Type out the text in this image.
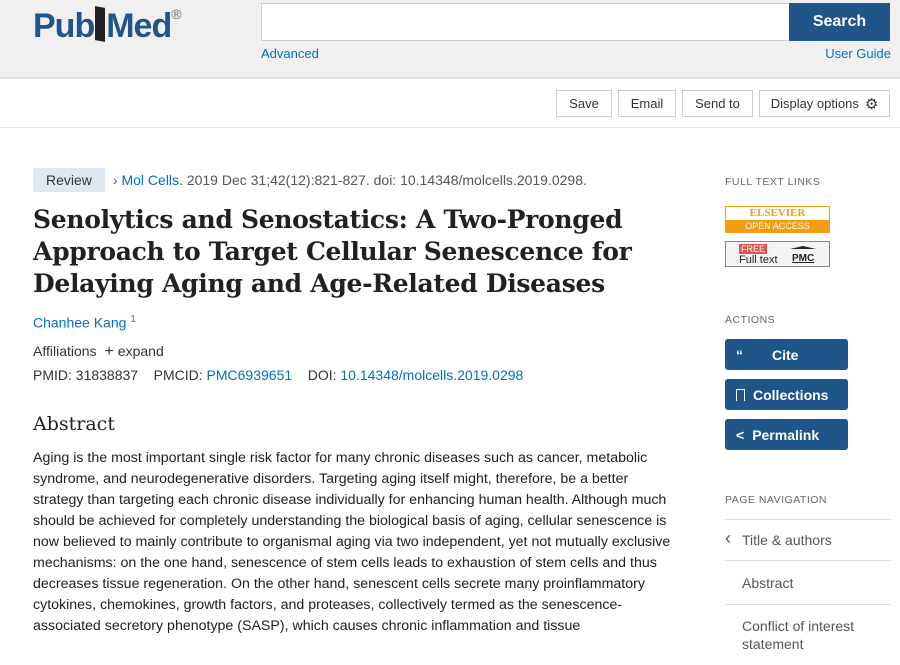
Pub Med®	Search
Advanced	User Guide
Save	Email	Send to	Display options ⚙
Review › Mol Cells. 2019 Dec 31;42(12):821-827. doi: 10.14348/molcells.2019.0298.
Senolytics and Senostatics: A Two-Pronged Approach to Target Cellular Senescence for Delaying Aging and Age-Related Diseases
Chanhee Kang $^1$
Affiliations + expand
PMID: 31838837 PMCID: PMC6939651 DOI: 10.14348/molcells.2019.0298
Abstract

Aging is the most important single risk factor for many chronic diseases such as cancer, metabolic syndrome, and neurodegenerative disorders. Targeting aging itself might, therefore, be a better strategy than targeting each chronic disease individually for enhancing human health. Although much should be achieved for completely understanding the biological basis of aging, cellular senescence is now believed to mainly contribute to organismal aging via two independent, yet not mutually exclusive mechanisms: on the one hand, senescence of stem cells leads to exhaustion of stem cells and thus decreases tissue regeneration. On the other hand, senescent cells secrete many proinflammatory cytokines, chemokines, growth factors, and proteases, collectively termed as the senescence-associated secretory phenotype (SASP), which causes chronic inflammation and tissue

FULL TEXT LINKS
ELSEVIER
OPEN ACCESS
FREE
Full text PMC
ACTIONS
“	Cite
Collections
< Permalink
PAGE NAVIGATION
‹ Title & authors
Abstract
Conflict of interest statement
